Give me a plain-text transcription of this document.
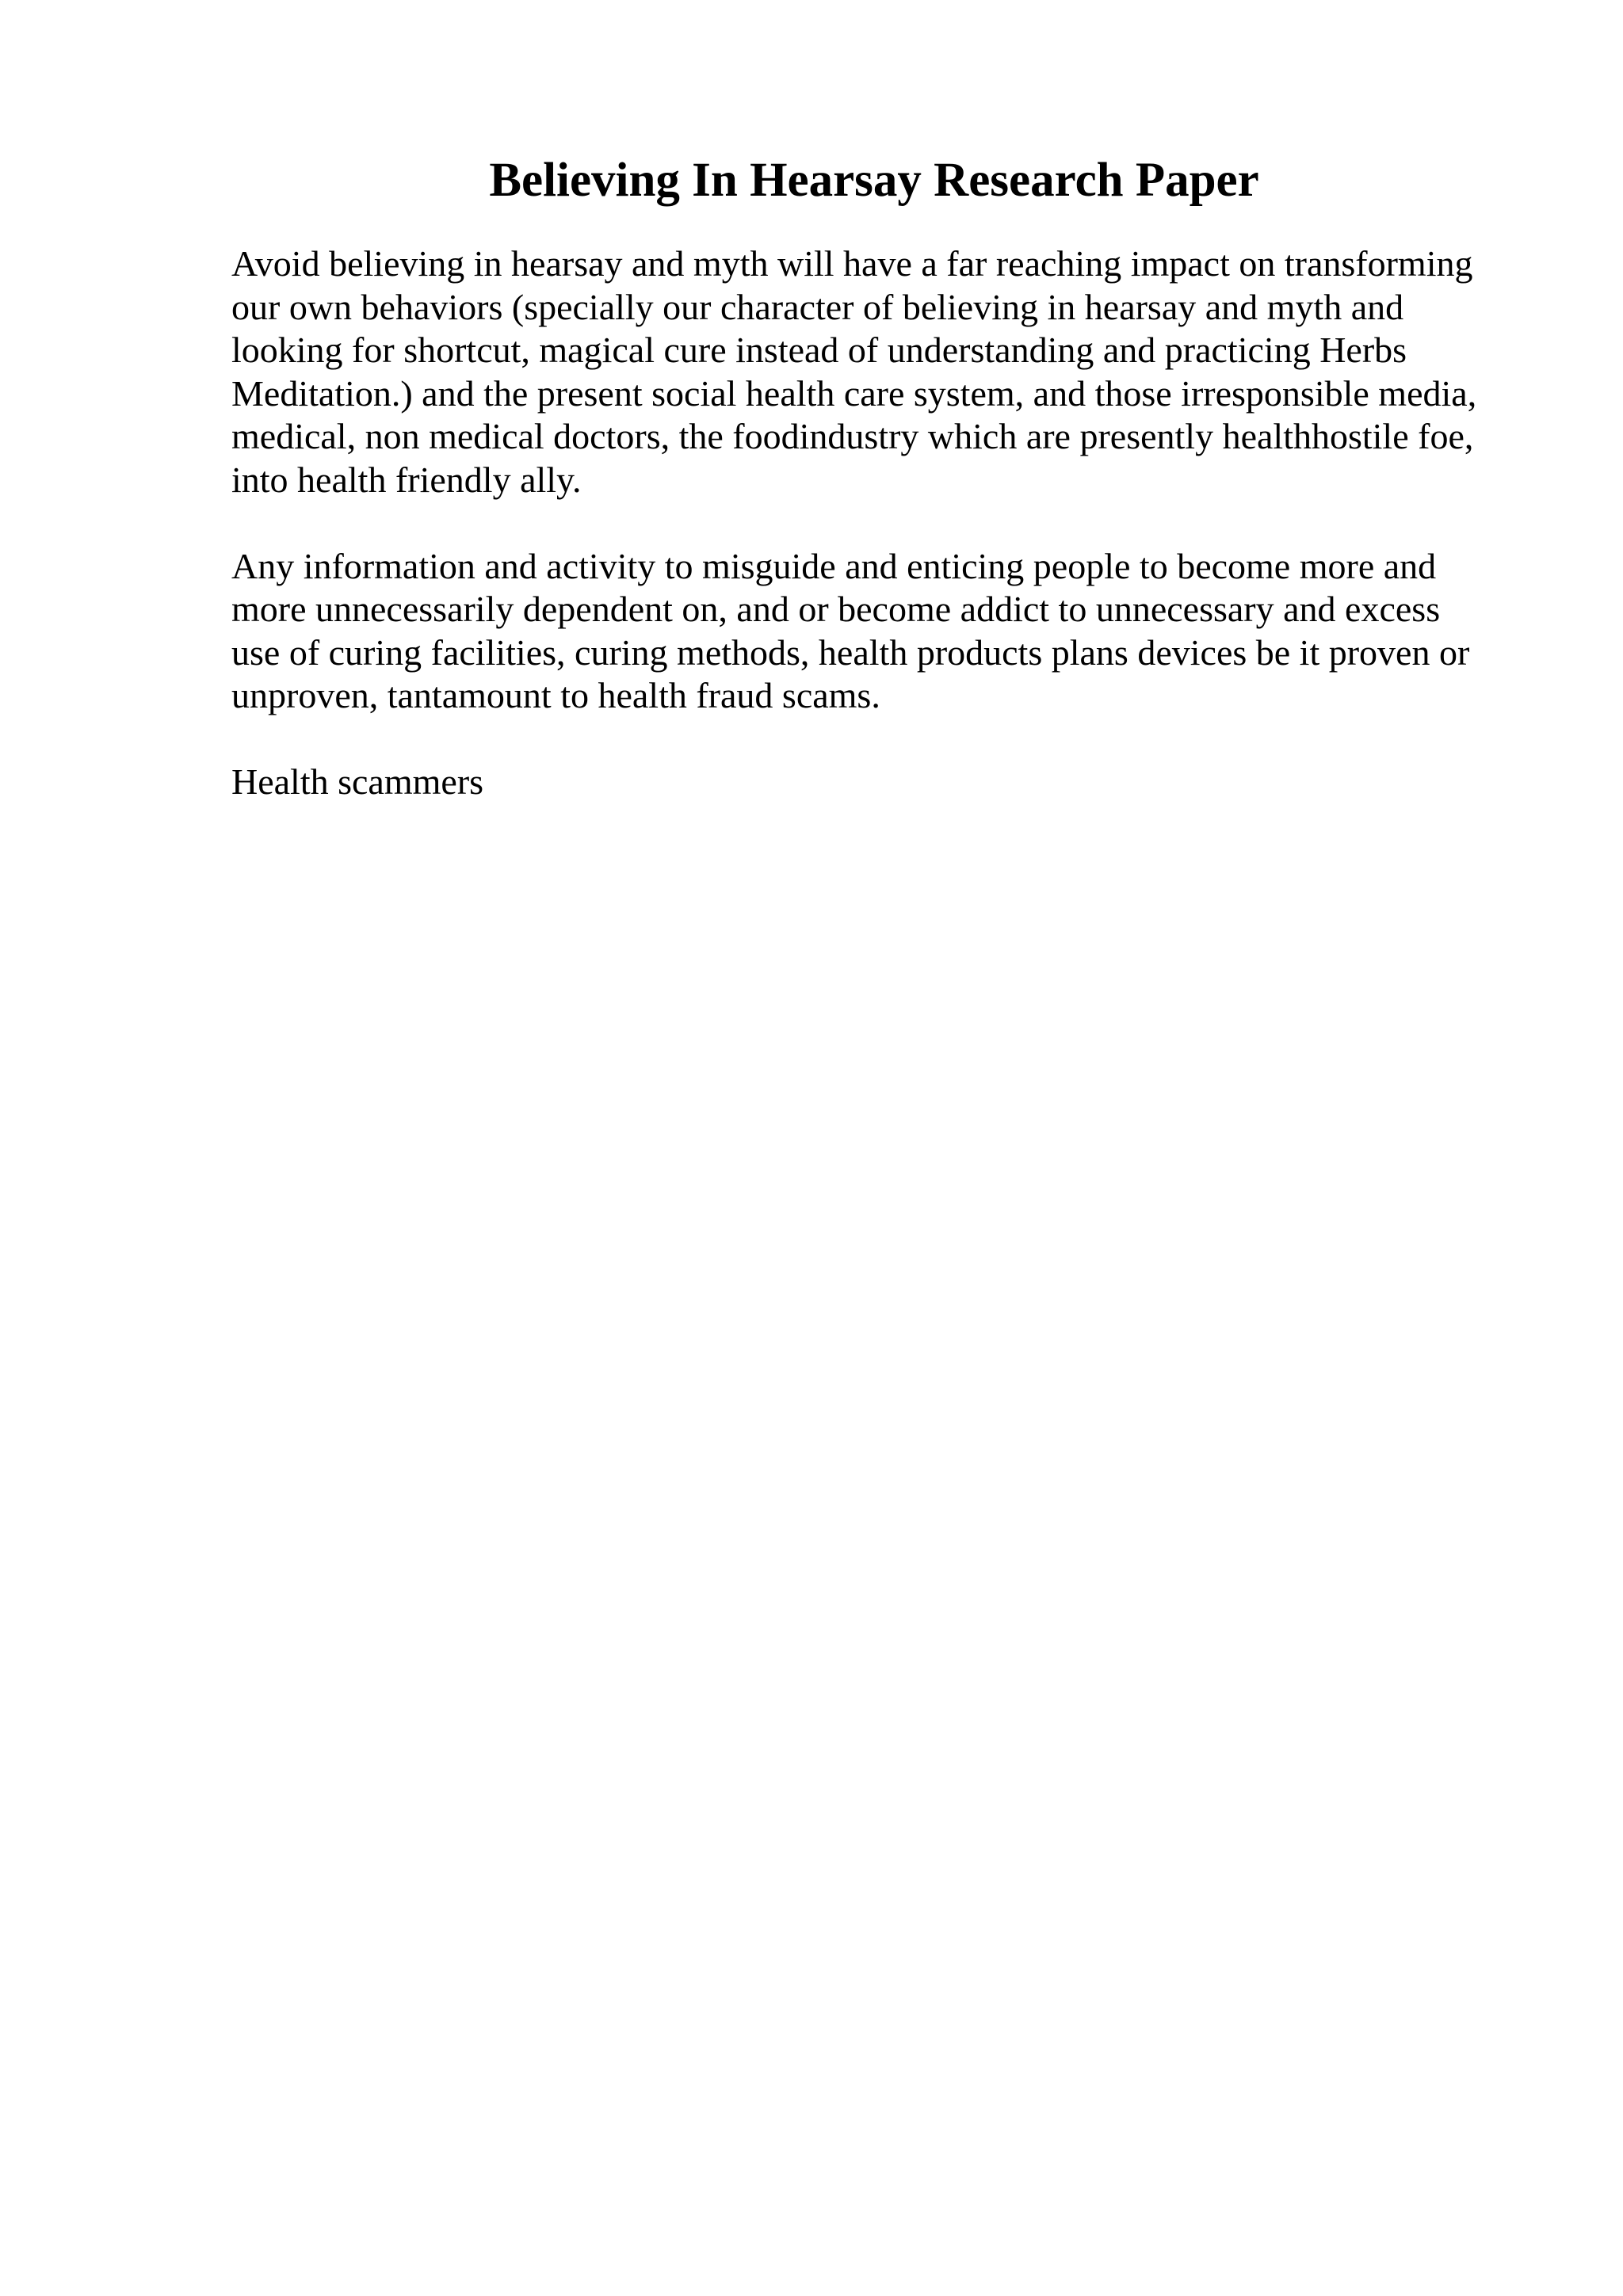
Believing In Hearsay Research Paper

Avoid believing in hearsay and myth will have a far reaching impact on transforming
our own behaviors (specially our character of believing in hearsay and myth and
looking for shortcut, magical cure instead of understanding and practicing Herbs
Meditation.) and the present social health care system, and those irresponsible media,
medical, non medical doctors, the foodindustry which are presently healthhostile foe,
into health friendly ally.

Any information and activity to misguide and enticing people to become more and
more unnecessarily dependent on, and or become addict to unnecessary and excess
use of curing facilities, curing methods, health products plans devices be it proven or
unproven, tantamount to health fraud scams.

Health scammers
